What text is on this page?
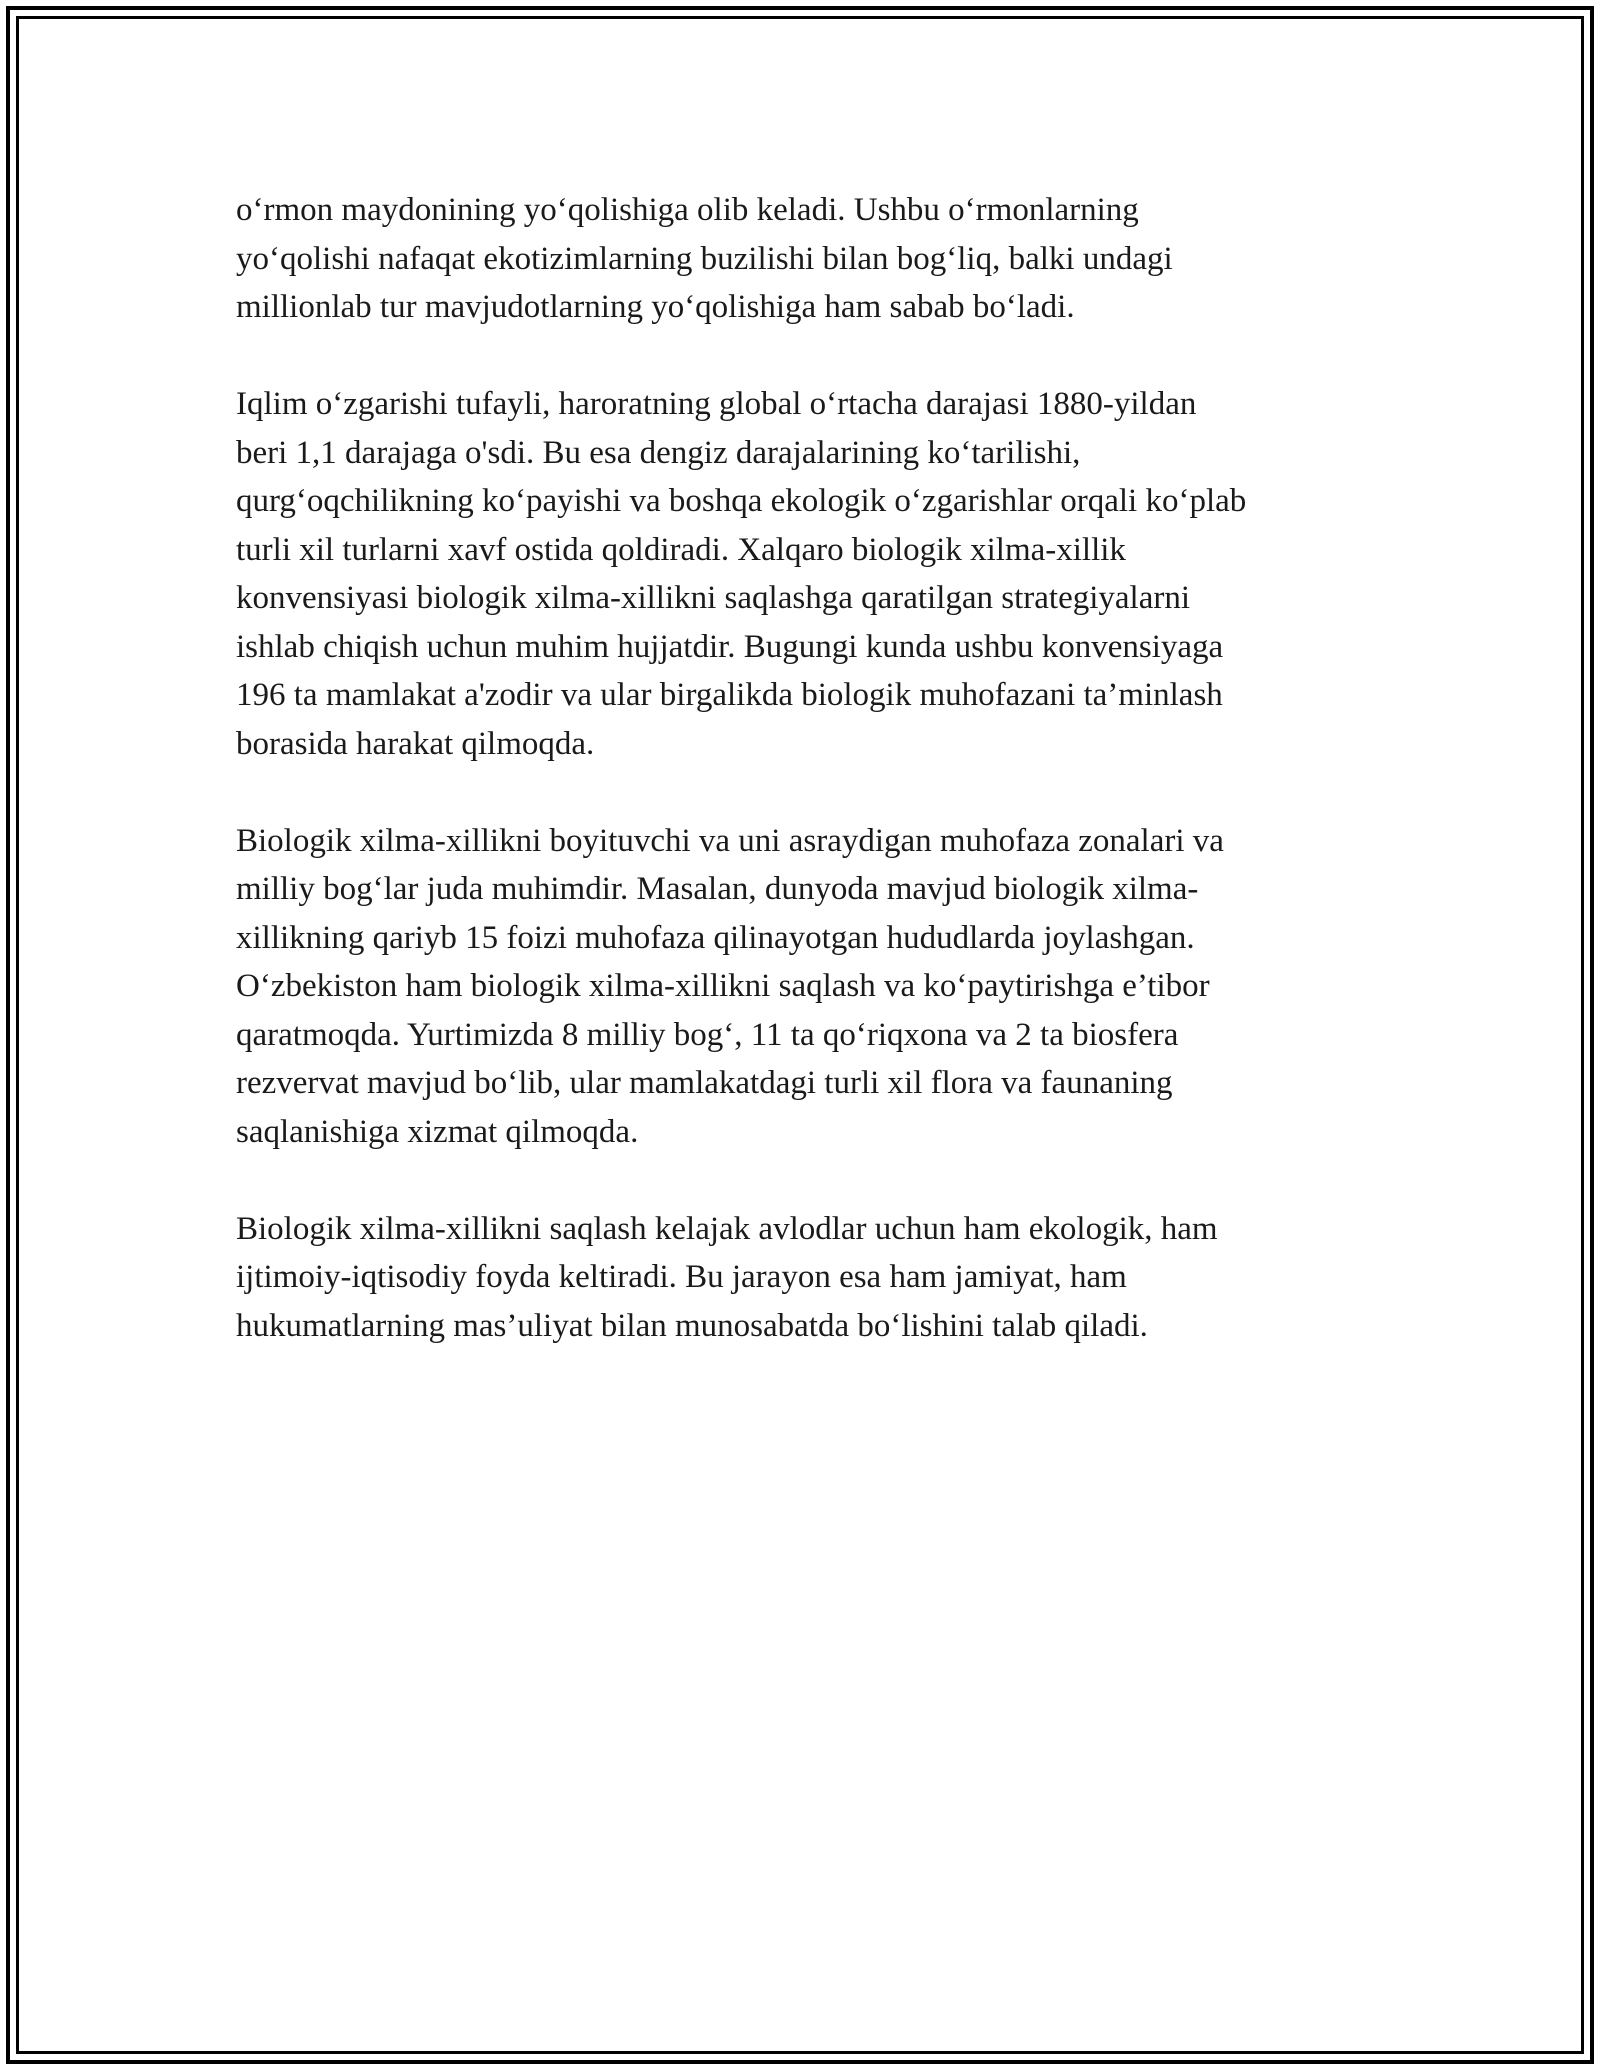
o‘rmon maydonining yo‘qolishiga olib keladi. Ushbu o‘rmonlarning
yo‘qolishi nafaqat ekotizimlarning buzilishi bilan bog‘liq, balki undagi
millionlab tur mavjudotlarning yo‘qolishiga ham sabab bo‘ladi.

Iqlim o‘zgarishi tufayli, haroratning global o‘rtacha darajasi 1880-yildan
beri 1,1 darajaga o'sdi. Bu esa dengiz darajalarining ko‘tarilishi,
qurg‘oqchilikning ko‘payishi va boshqa ekologik o‘zgarishlar orqali ko‘plab
turli xil turlarni xavf ostida qoldiradi. Xalqaro biologik xilma-xillik
konvensiyasi biologik xilma-xillikni saqlashga qaratilgan strategiyalarni
ishlab chiqish uchun muhim hujjatdir. Bugungi kunda ushbu konvensiyaga
196 ta mamlakat a'zodir va ular birgalikda biologik muhofazani ta’minlash
borasida harakat qilmoqda.

Biologik xilma-xillikni boyituvchi va uni asraydigan muhofaza zonalari va
milliy bog‘lar juda muhimdir. Masalan, dunyoda mavjud biologik xilma-
xillikning qariyb 15 foizi muhofaza qilinayotgan hududlarda joylashgan.
O‘zbekiston ham biologik xilma-xillikni saqlash va ko‘paytirishga e’tibor
qaratmoqda. Yurtimizda 8 milliy bog‘, 11 ta qo‘riqxona va 2 ta biosfera
rezvervat mavjud bo‘lib, ular mamlakatdagi turli xil flora va faunaning
saqlanishiga xizmat qilmoqda.

Biologik xilma-xillikni saqlash kelajak avlodlar uchun ham ekologik, ham
ijtimoiy-iqtisodiy foyda keltiradi. Bu jarayon esa ham jamiyat, ham
hukumatlarning mas’uliyat bilan munosabatda bo‘lishini talab qiladi.
